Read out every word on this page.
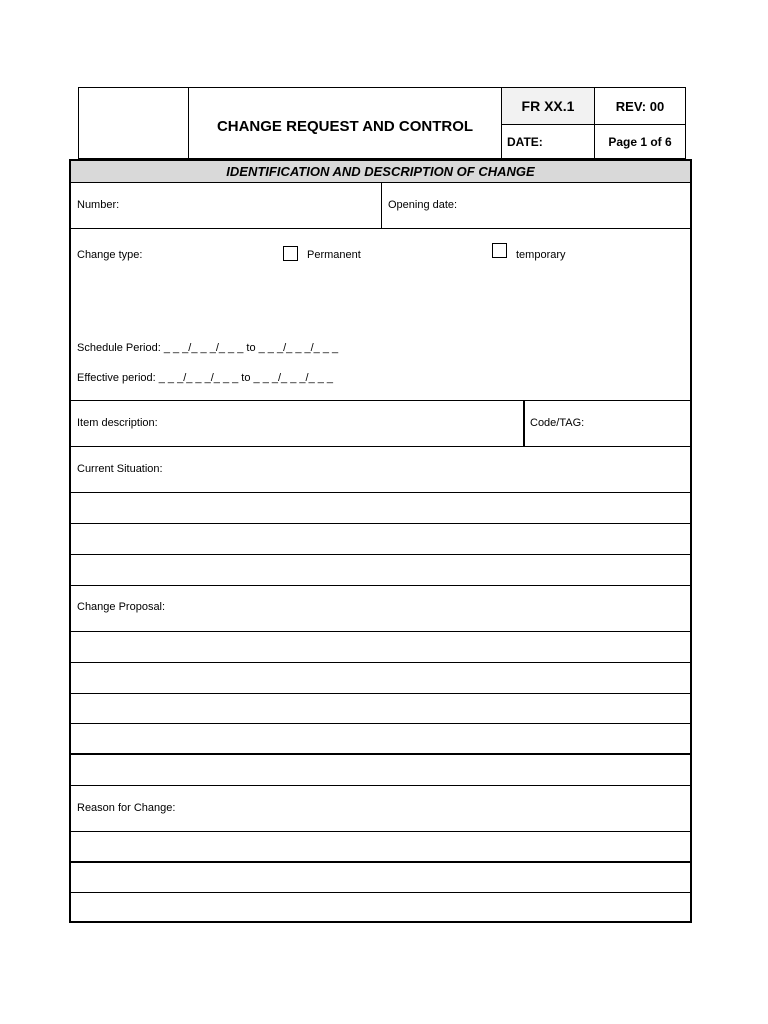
CHANGE REQUEST AND CONTROL
FR XX.1	REV: 00
DATE:	Page 1 of 6
IDENTIFICATION AND DESCRIPTION OF CHANGE
Number:	Opening date:
Change type:	Permanent	temporary
Schedule Period: _ _ _/_ _ _/_ _ _ to _ _ _/_ _ _/_ _ _
Effective period: _ _ _/_ _ _/_ _ _ to _ _ _/_ _ _/_ _ _
Item description:	Code/TAG:
Current Situation:
Change Proposal:
Reason for Change:
